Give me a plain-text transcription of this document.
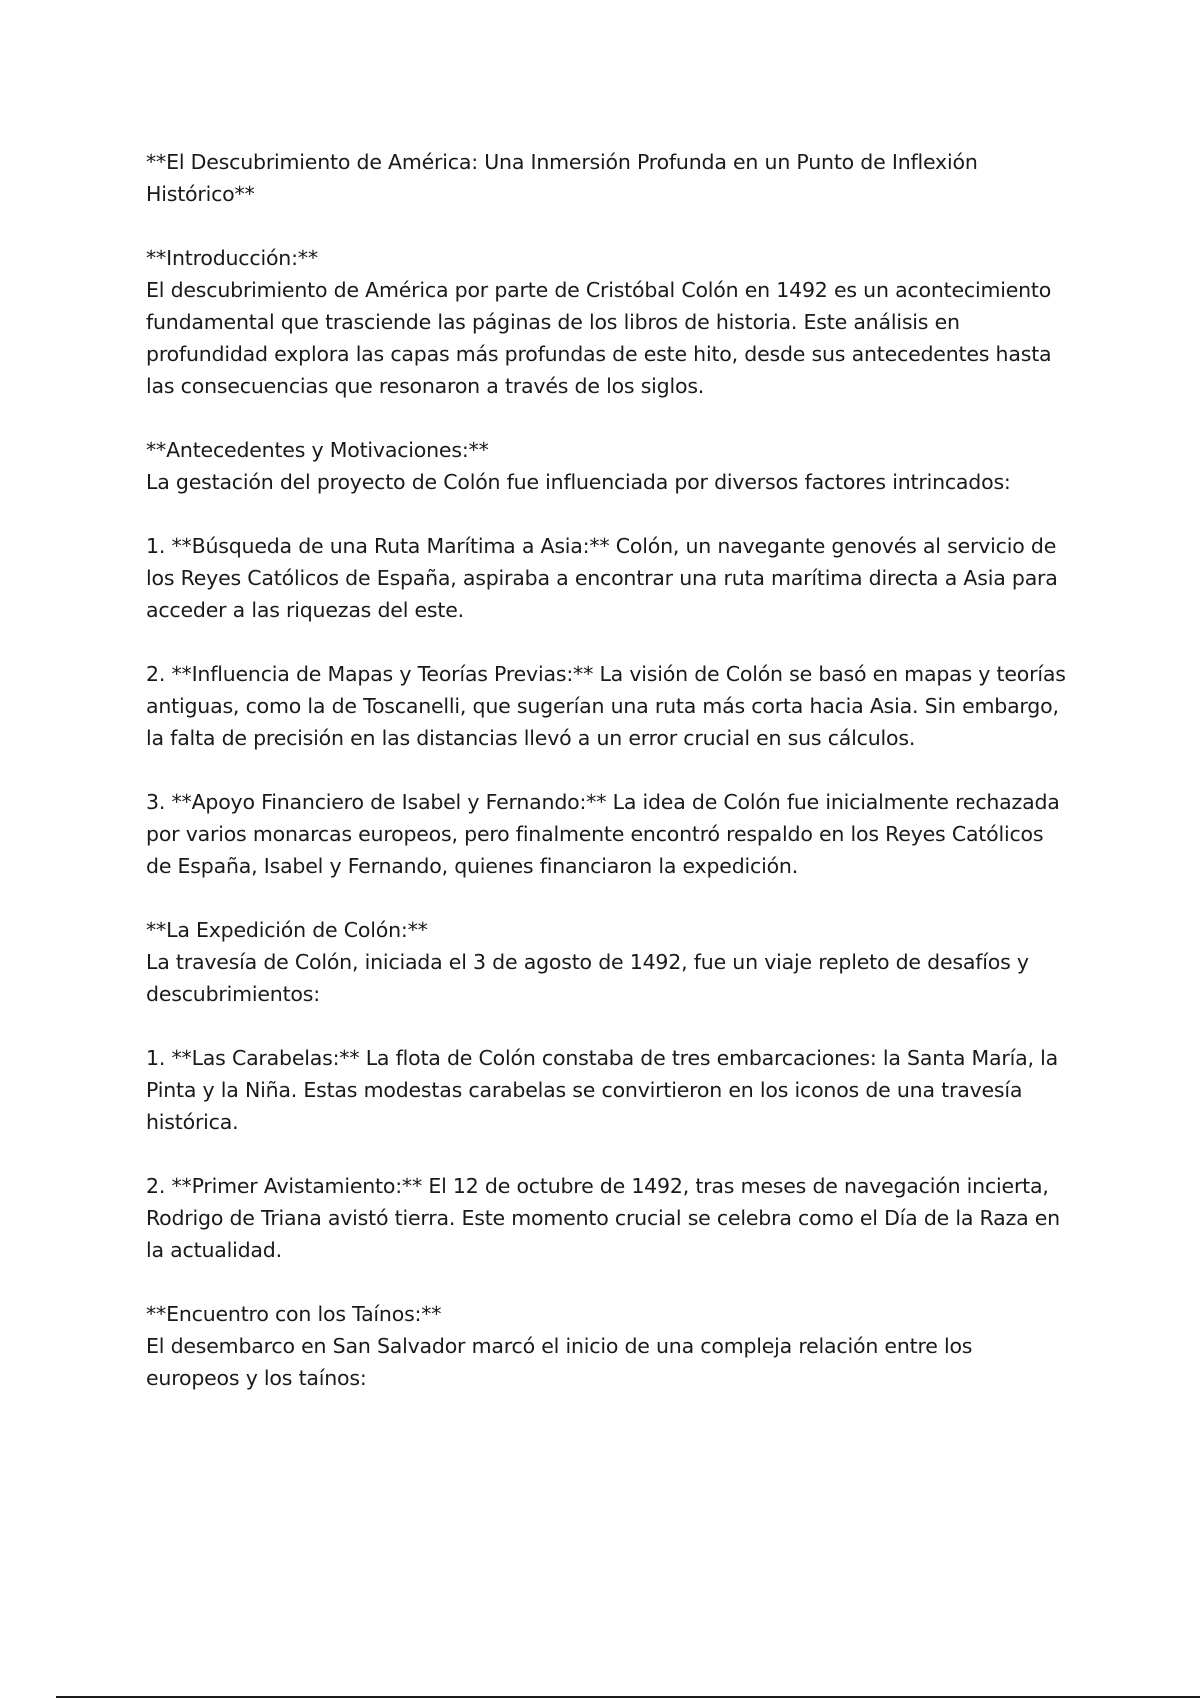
**El Descubrimiento de América: Una Inmersión Profunda en un Punto de Inflexión Histórico**

**Introducción:**

El descubrimiento de América por parte de Cristóbal Colón en 1492 es un acontecimiento fundamental que trasciende las páginas de los libros de historia. Este análisis en profundidad explora las capas más profundas de este hito, desde sus antecedentes hasta las consecuencias que resonaron a través de los siglos.

**Antecedentes y Motivaciones:**

La gestación del proyecto de Colón fue influenciada por diversos factores intrincados:

1. **Búsqueda de una Ruta Marítima a Asia:** Colón, un navegante genovés al servicio de los Reyes Católicos de España, aspiraba a encontrar una ruta marítima directa a Asia para acceder a las riquezas del este.

2. **Influencia de Mapas y Teorías Previas:** La visión de Colón se basó en mapas y teorías antiguas, como la de Toscanelli, que sugerían una ruta más corta hacia Asia. Sin embargo, la falta de precisión en las distancias llevó a un error crucial en sus cálculos.

3. **Apoyo Financiero de Isabel y Fernando:** La idea de Colón fue inicialmente rechazada por varios monarcas europeos, pero finalmente encontró respaldo en los Reyes Católicos de España, Isabel y Fernando, quienes financiaron la expedición.

**La Expedición de Colón:**

La travesía de Colón, iniciada el 3 de agosto de 1492, fue un viaje repleto de desafíos y descubrimientos:

1. **Las Carabelas:** La flota de Colón constaba de tres embarcaciones: la Santa María, la Pinta y la Niña. Estas modestas carabelas se convirtieron en los iconos de una travesía histórica.

2. **Primer Avistamiento:** El 12 de octubre de 1492, tras meses de navegación incierta, Rodrigo de Triana avistó tierra. Este momento crucial se celebra como el Día de la Raza en la actualidad.

**Encuentro con los Taínos:**

El desembarco en San Salvador marcó el inicio de una compleja relación entre los europeos y los taínos:
